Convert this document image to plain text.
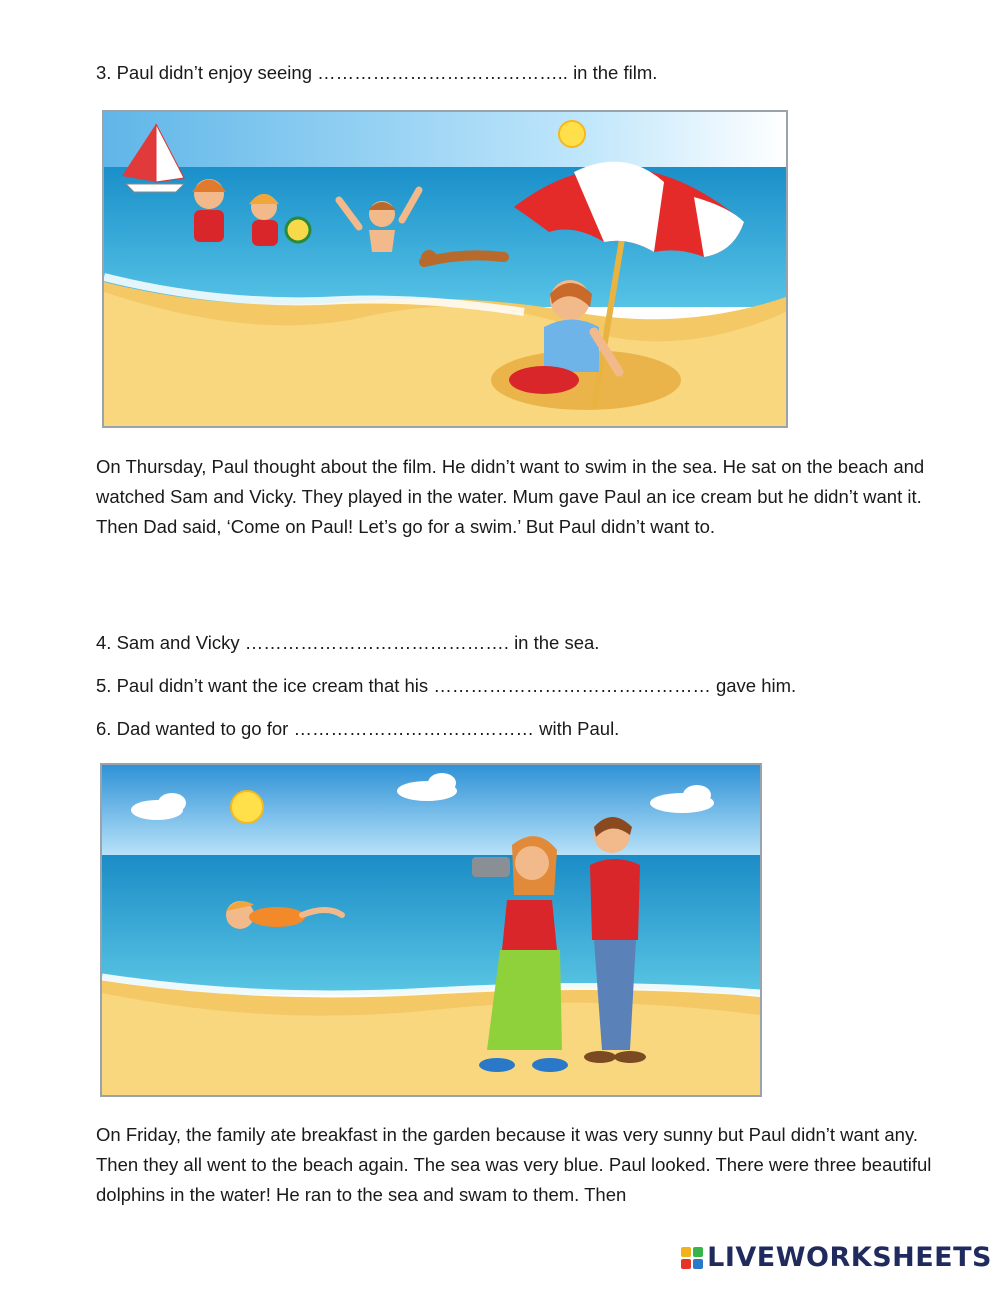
3. Paul didn’t enjoy seeing ………………………………….. in the film.
On Thursday, Paul thought about the film. He didn’t want to swim in the sea. He sat on the beach and watched Sam and Vicky. They played in the water. Mum gave Paul an ice cream but he didn’t want it. Then Dad said, ‘Come on Paul! Let’s go for a swim.’ But Paul didn’t want to.
4. Sam and Vicky ……………………………………. in the sea.
5. Paul didn’t want the ice cream that his ……………………………………… gave him.
6. Dad wanted to go for ………………………………… with Paul.
On Friday, the family ate breakfast in the garden because it was very sunny but Paul didn’t want any. Then they all went to the beach again. The sea was very blue. Paul looked. There were three beautiful dolphins in the water! He ran to the sea and swam to them. Then
LIVEWORKSHEETS
